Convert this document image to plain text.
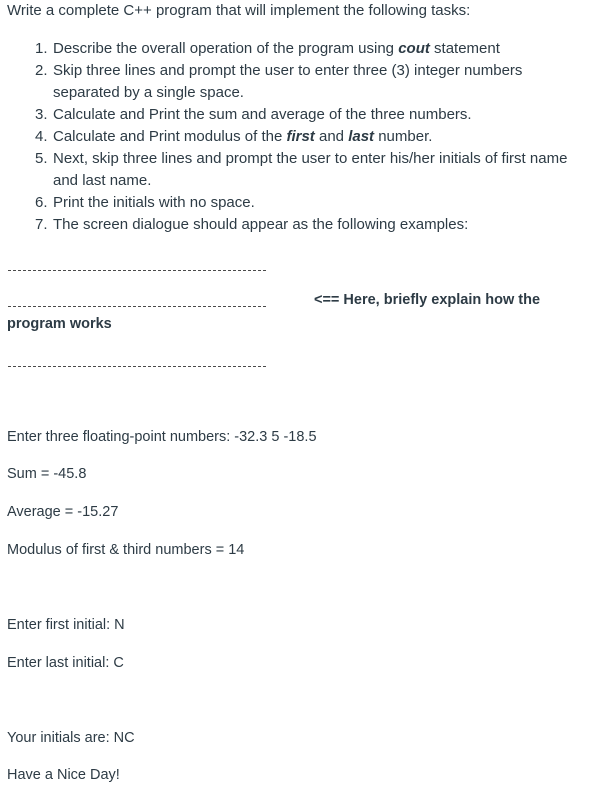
Write a complete C++ program that will implement the following tasks:
1. Describe the overall operation of the program using cout statement
2. Skip three lines and prompt the user to enter three (3) integer numbers separated by a single space.
3. Calculate and Print the sum and average of the three numbers.
4. Calculate and Print modulus of the first and last number.
5. Next, skip three lines and prompt the user to enter his/her initials of first name and last name.
6. Print the initials with no space.
7. The screen dialogue should appear as the following examples:
<== Here, briefly explain how the
program works
Enter three floating-point numbers: -32.3 5 -18.5
Sum = -45.8
Average = -15.27
Modulus of first & third numbers = 14
Enter first initial: N
Enter last initial: C
Your initials are: NC
Have a Nice Day!
